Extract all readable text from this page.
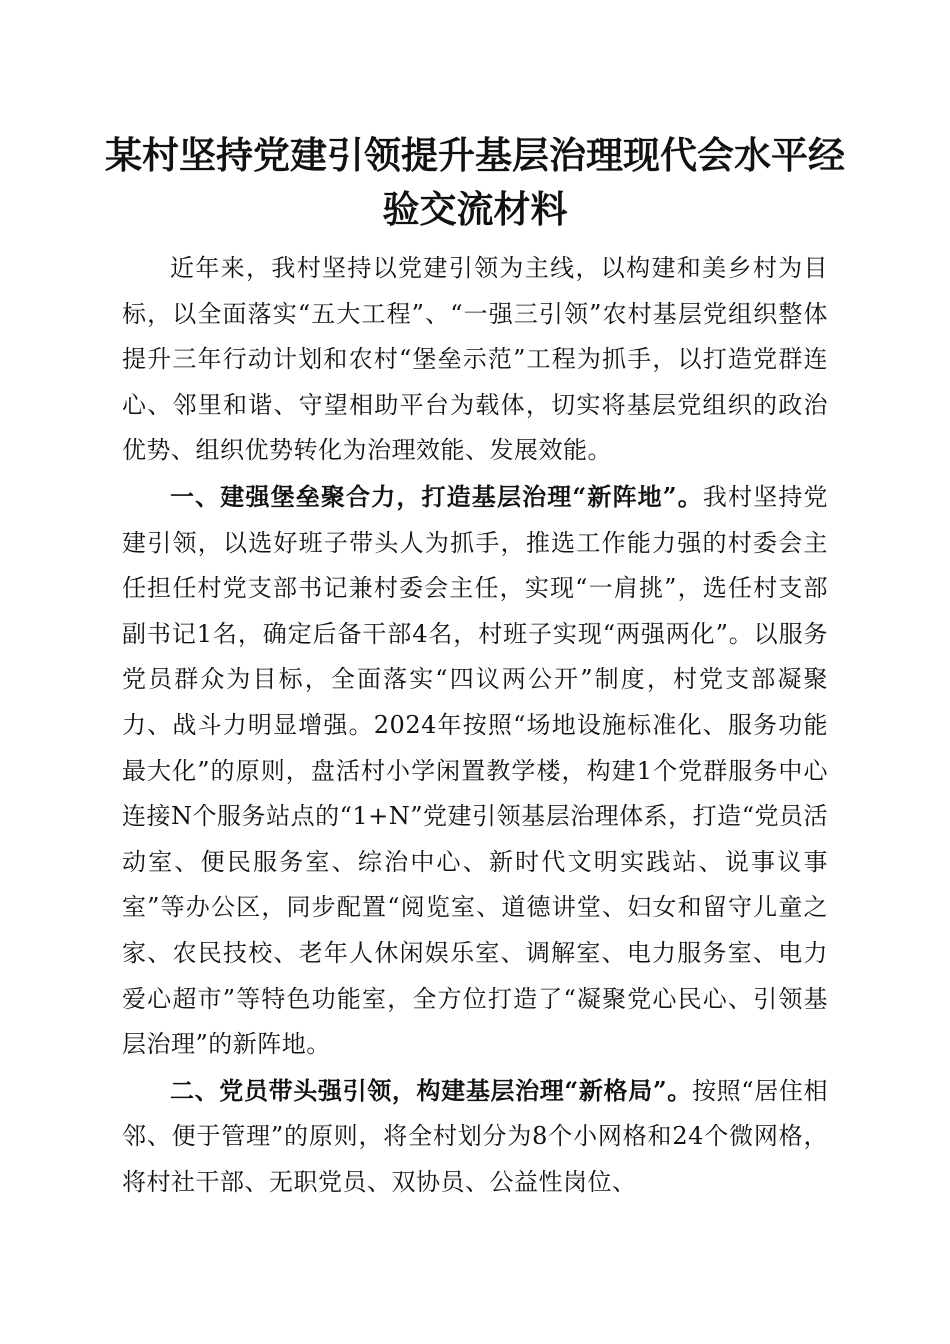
某村坚持党建引领提升基层治理现代会水平经验交流材料

近年来，我村坚持以党建引领为主线，以构建和美乡村为目标，以全面落实“五大工程”、“一强三引领”农村基层党组织整体提升三年行动计划和农村“堡垒示范”工程为抓手，以打造党群连心、邻里和谐、守望相助平台为载体，切实将基层党组织的政治优势、组织优势转化为治理效能、发展效能。

一、建强堡垒聚合力，打造基层治理“新阵地”。我村坚持党建引领，以选好班子带头人为抓手，推选工作能力强的村委会主任担任村党支部书记兼村委会主任，实现“一肩挑”，选任村支部副书记1名，确定后备干部4名，村班子实现“两强两化”。以服务党员群众为目标，全面落实“四议两公开”制度，村党支部凝聚力、战斗力明显增强。2024年按照“场地设施标准化、服务功能最大化”的原则，盘活村小学闲置教学楼，构建1个党群服务中心连接N个服务站点的“1+N”党建引领基层治理体系，打造“党员活动室、便民服务室、综治中心、新时代文明实践站、说事议事室”等办公区，同步配置“阅览室、道德讲堂、妇女和留守儿童之家、农民技校、老年人休闲娱乐室、调解室、电力服务室、电力爱心超市”等特色功能室，全方位打造了“凝聚党心民心、引领基层治理”的新阵地。

二、党员带头强引领，构建基层治理“新格局”。按照“居住相邻、便于管理”的原则，将全村划分为8个小网格和24个微网格，将村社干部、无职党员、双协员、公益性岗位、
